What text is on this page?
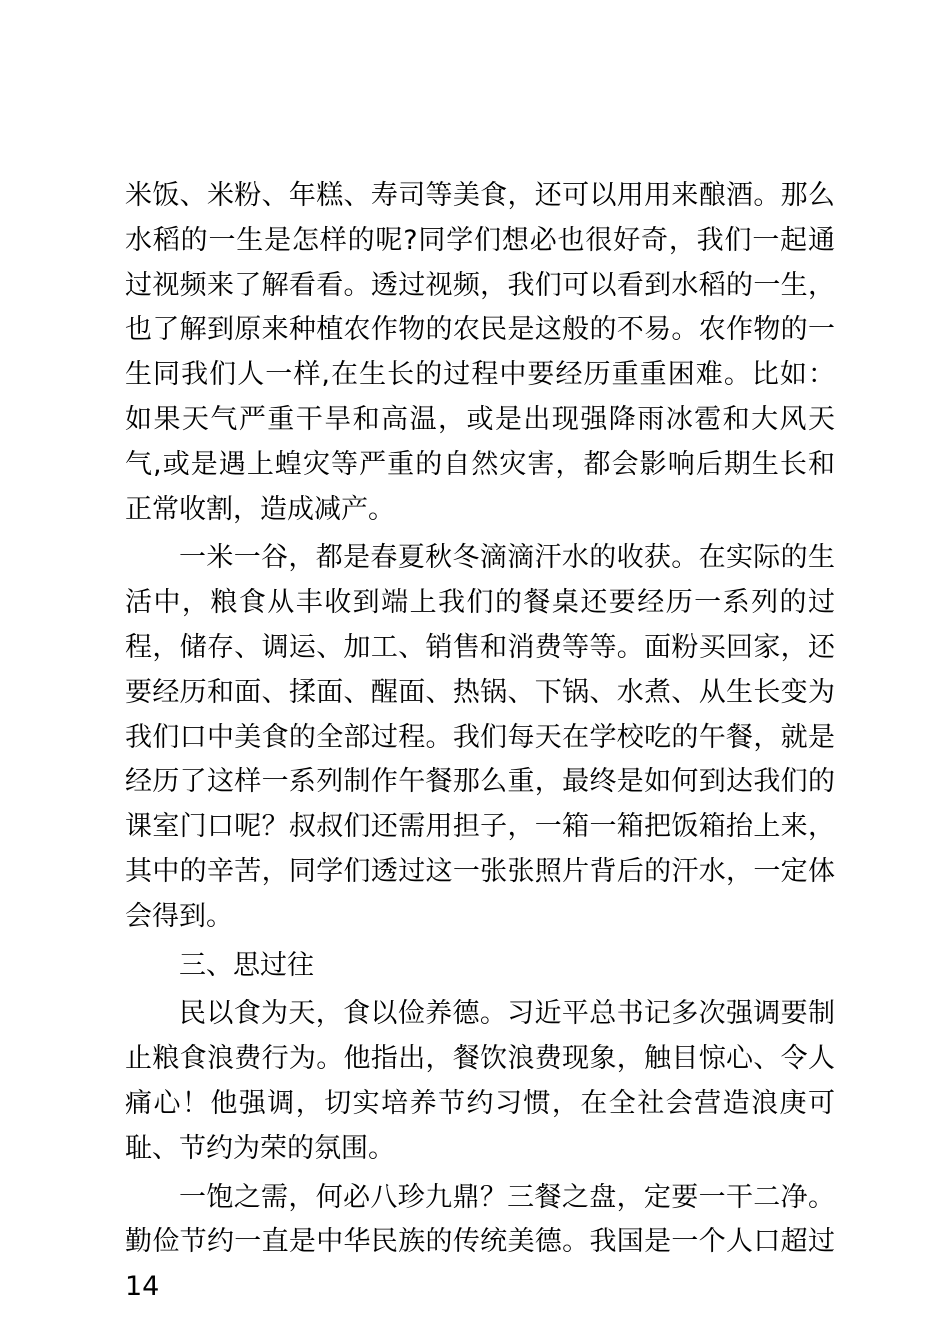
米饭、米粉、年糕、寿司等美食，还可以用用来酿酒。那么水稻的一生是怎样的呢?同学们想必也很好奇，我们一起通过视频来了解看看。透过视频，我们可以看到水稻的一生，也了解到原来种植农作物的农民是这般的不易。农作物的一生同我们人一样,在生长的过程中要经历重重困难。比如：如果天气严重干旱和高温，或是出现强降雨冰雹和大风天气,或是遇上蝗灾等严重的自然灾害，都会影响后期生长和正常收割，造成减产。

一米一谷，都是春夏秋冬滴滴汗水的收获。在实际的生活中，粮食从丰收到端上我们的餐桌还要经历一系列的过程，储存、调运、加工、销售和消费等等。面粉买回家，还要经历和面、揉面、醒面、热锅、下锅、水煮、从生长变为我们口中美食的全部过程。我们每天在学校吃的午餐，就是经历了这样一系列制作午餐那么重，最终是如何到达我们的课室门口呢？叔叔们还需用担子，一箱一箱把饭箱抬上来，其中的辛苦，同学们透过这一张张照片背后的汗水，一定体会得到。

三、思过往

民以食为天，食以俭养德。习近平总书记多次强调要制止粮食浪费行为。他指出，餐饮浪费现象，触目惊心、令人痛心！他强调，切实培养节约习惯，在全社会营造浪庚可耻、节约为荣的氛围。

一饱之需，何必八珍九鼎？三餐之盘，定要一干二净。勤俭节约一直是中华民族的传统美德。我国是一个人口超过 14
